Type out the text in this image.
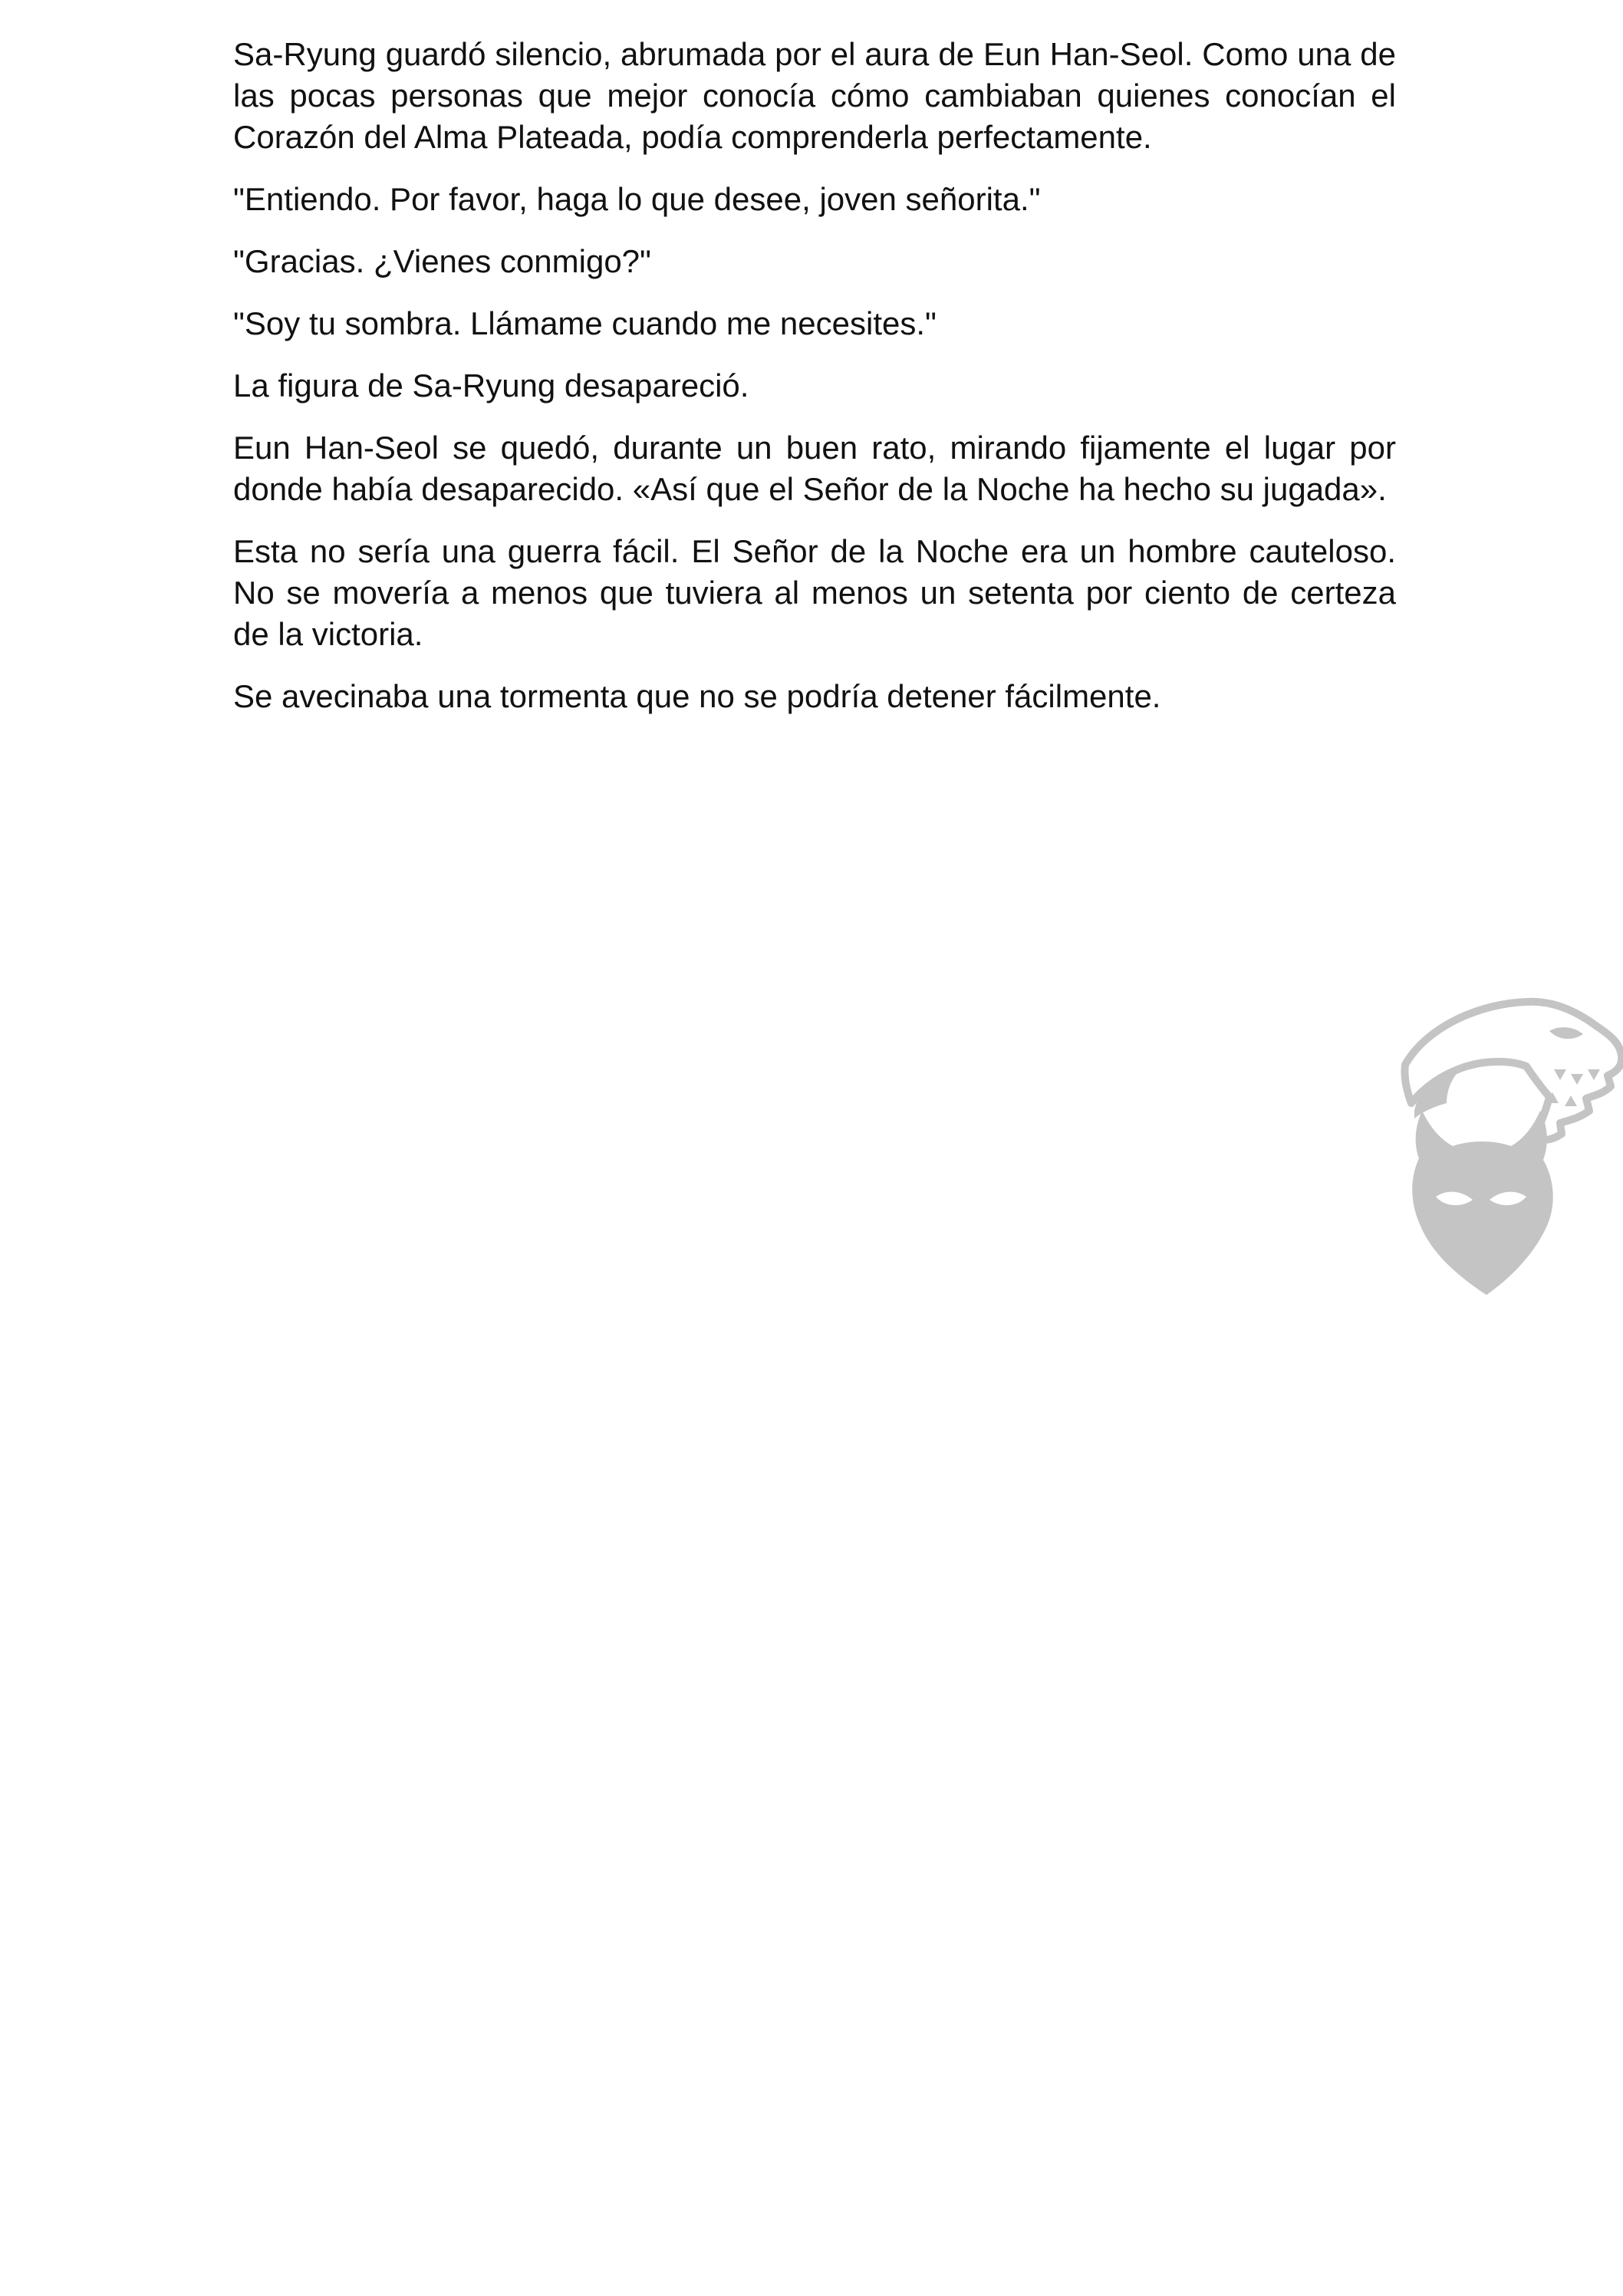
Sa-Ryung guardó silencio, abrumada por el aura de Eun Han-Seol. Como una de las pocas personas que mejor conocía cómo cambiaban quienes conocían el Corazón del Alma Plateada, podía comprenderla perfectamente.

"Entiendo. Por favor, haga lo que desee, joven señorita."

"Gracias. ¿Vienes conmigo?"

"Soy tu sombra. Llámame cuando me necesites."

La figura de Sa-Ryung desapareció.

Eun Han-Seol se quedó, durante un buen rato, mirando fijamente el lugar por donde había desaparecido. «Así que el Señor de la Noche ha hecho su jugada».

Esta no sería una guerra fácil. El Señor de la Noche era un hombre cauteloso. No se movería a menos que tuviera al menos un setenta por ciento de certeza de la victoria.

Se avecinaba una tormenta que no se podría detener fácilmente.
